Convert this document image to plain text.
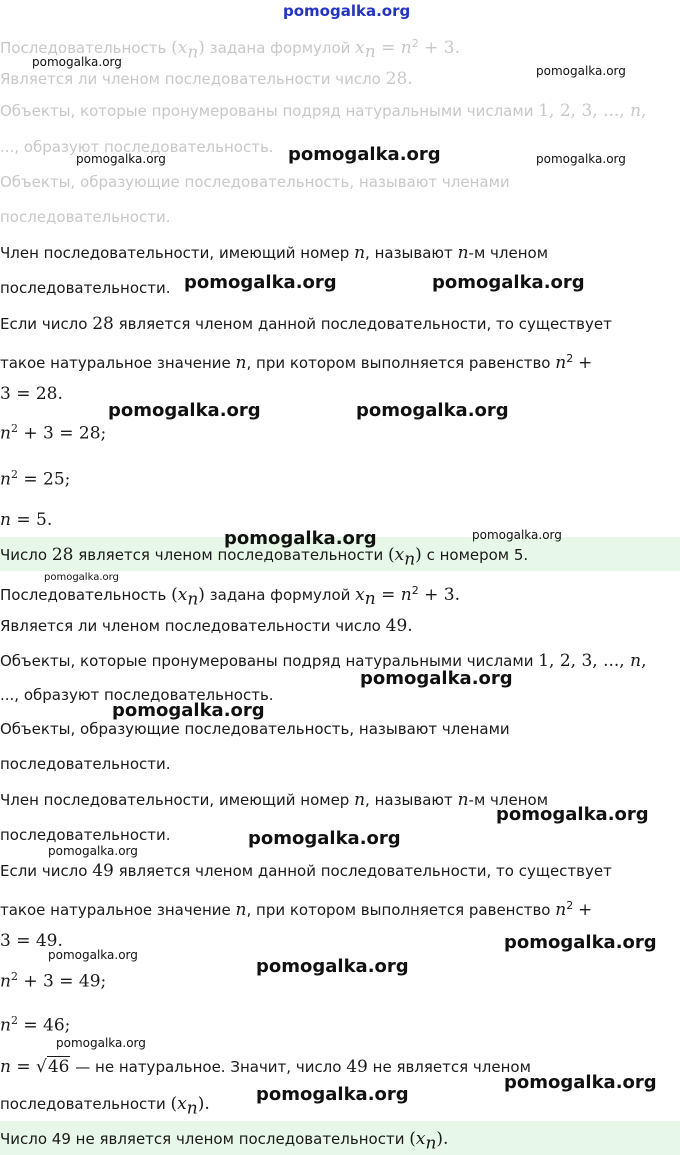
pomogalka.org
Последовательность $(x_n)$ задана формулой $x_n = n^2 + 3$.
Является ли членом последовательности число 28.
Объекты, которые пронумерованы подряд натуральными числами 1, 2, 3, ..., n,
..., образуют последовательность.
Объекты, образующие последовательность, называют членами
последовательности.
Член последовательности, имеющий номер n, называют n-м членом
последовательности.
Если число 28 является членом данной последовательности, то существует
такое натуральное значение n, при котором выполняется равенство $n^2$ +
3 = 28.
$n^2 + 3 = 28$;
$n^2 = 25$;
n = 5.
Число 28 является членом последовательности $(x_n)$ с номером 5.
Последовательность $(x_n)$ задана формулой $x_n = n^2 + 3$.
Является ли членом последовательности число 49.
Объекты, которые пронумерованы подряд натуральными числами 1, 2, 3, ..., n,
..., образуют последовательность.
Объекты, образующие последовательность, называют членами
последовательности.
Член последовательности, имеющий номер n, называют n-м членом
последовательности.
Если число 49 является членом данной последовательности, то существует
такое натуральное значение n, при котором выполняется равенство $n^2$ +
3 = 49.
$n^2 + 3 = 49$;
$n^2 = 46$;
n = √46 — не натуральное. Значит, число 49 не является членом
последовательности $(x_n)$.
Число 49 не является членом последовательности $(x_n)$.
pomogalka.org
pomogalka.org
pomogalka.org
pomogalka.org	pomogalka.org
pomogalka.org	pomogalka.org
pomogalka.org	pomogalka.org
pomogalka.org	pomogalka.org
pomogalka.org
pomogalka.org
pomogalka.org
pomogalka.org
pomogalka.org
pomogalka.org
pomogalka.org
pomogalka.org
pomogalka.org
pomogalka.org
pomogalka.org
pomogalka.org
